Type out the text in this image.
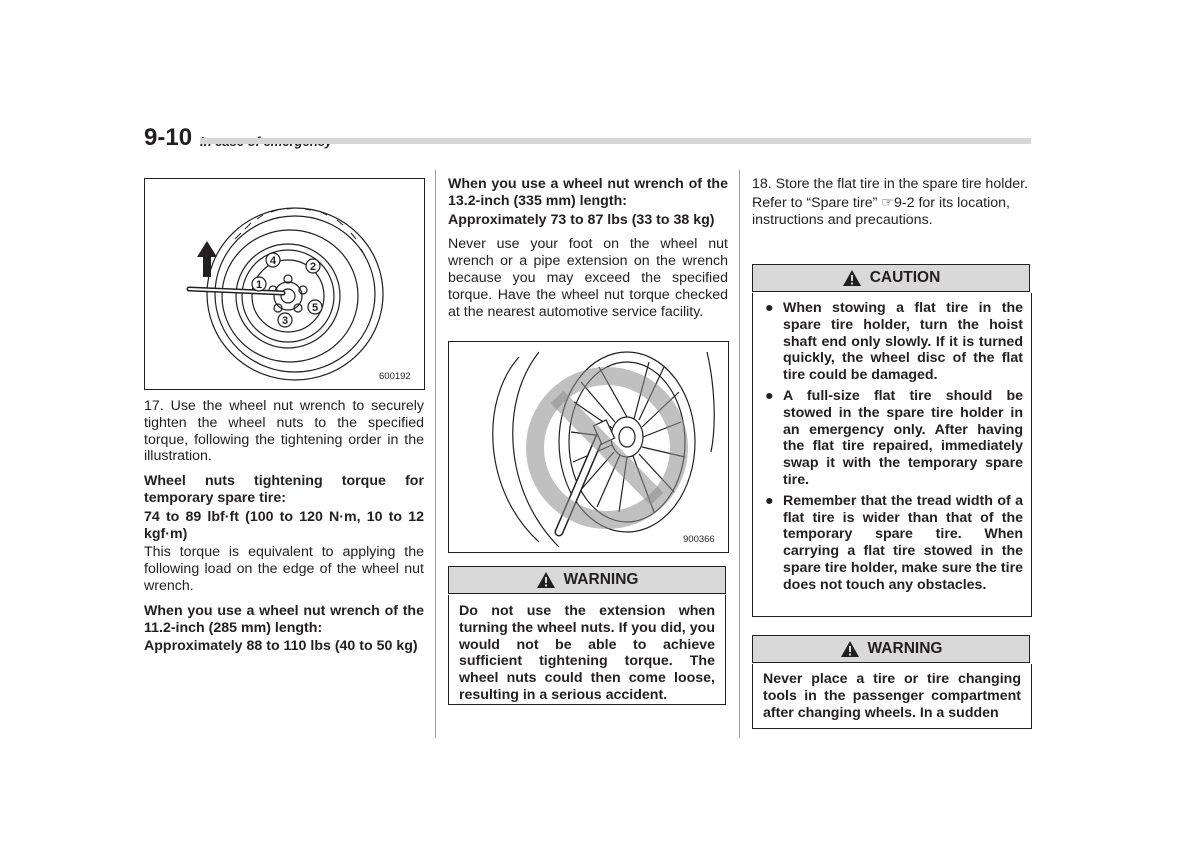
9-10
1
2
3
4
5
600192

17. Use the wheel nut wrench to securely tighten the wheel nuts to the specified torque, following the tightening order in the illustration.

Wheel nuts tightening torque for temporary spare tire:

74 to 89 lbf·ft (100 to 120 N·m, 10 to 12 kgf·m)

This torque is equivalent to applying the following load on the edge of the wheel nut wrench.

When you use a wheel nut wrench of the 11.2-inch (285 mm) length:

Approximately 88 to 110 lbs (40 to 50 kg)

When you use a wheel nut wrench of the 13.2-inch (335 mm) length:

Approximately 73 to 87 lbs (33 to 38 kg)

Never use your foot on the wheel nut wrench or a pipe extension on the wrench because you may exceed the specified torque. Have the wheel nut torque checked at the nearest automotive service facility.

900366
WARNING

Do not use the extension when turning the wheel nuts. If you did, you would not be able to achieve sufficient tightening torque. The wheel nuts could then come loose, resulting in a serious accident.

18. Store the flat tire in the spare tire holder.

Refer to “Spare tire” ☞9-2 for its location, instructions and precautions.

CAUTION
● When stowing a flat tire in the spare tire holder, turn the hoist shaft end only slowly. If it is turned quickly, the wheel disc of the flat tire could be damaged.
● A full-size flat tire should be stowed in the spare tire holder in an emergency only. After having the flat tire repaired, immediately swap it with the temporary spare tire.
● Remember that the tread width of a flat tire is wider than that of the temporary spare tire. When carrying a flat tire stowed in the spare tire holder, make sure the tire does not touch any obstacles.
WARNING

Never place a tire or tire changing tools in the passenger compartment after changing wheels. In a sudden
